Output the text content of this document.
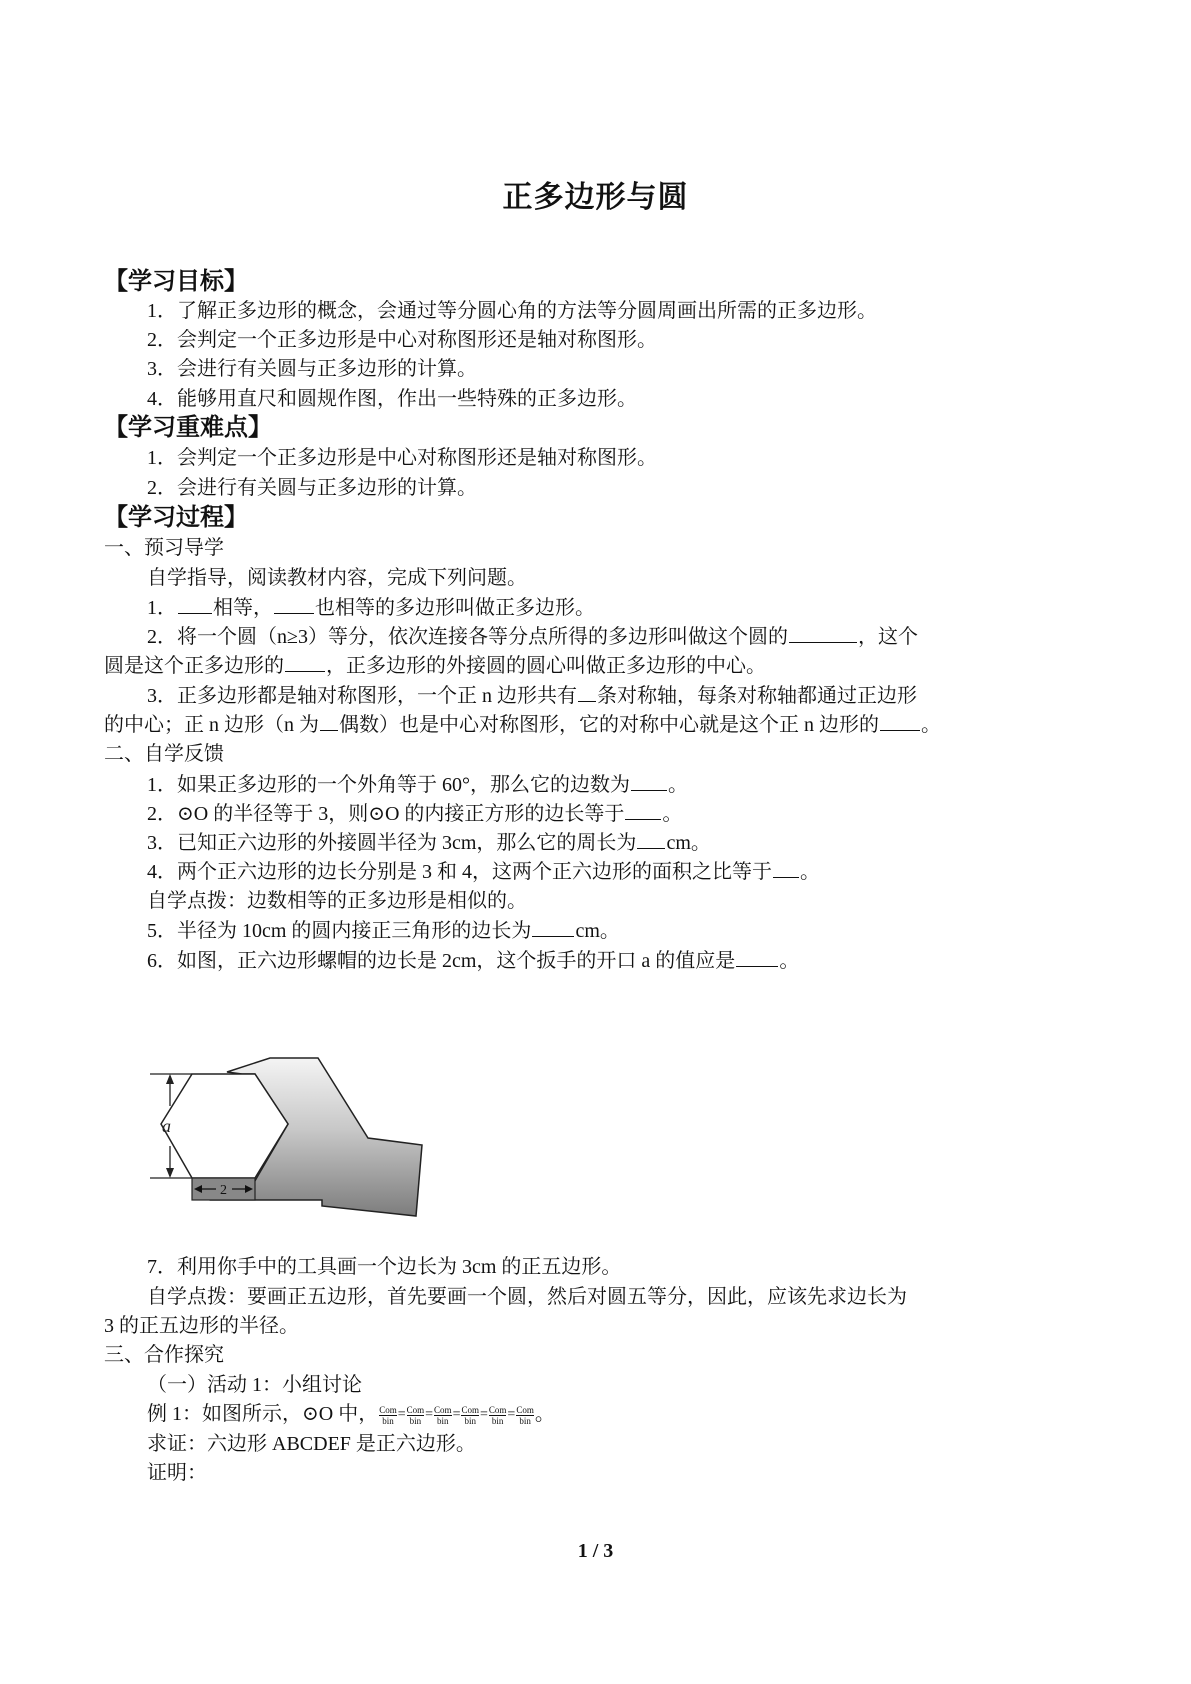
正多边形与圆
【学习目标】
1．了解正多边形的概念，会通过等分圆心角的方法等分圆周画出所需的正多边形。
2．会判定一个正多边形是中心对称图形还是轴对称图形。
3．会进行有关圆与正多边形的计算。
4．能够用直尺和圆规作图，作出一些特殊的正多边形。
【学习重难点】
1．会判定一个正多边形是中心对称图形还是轴对称图形。
2．会进行有关圆与正多边形的计算。
【学习过程】
一、预习导学
自学指导，阅读教材内容，完成下列问题。
1． 相等， 也相等的多边形叫做正多边形。
2．将一个圆（n≥3）等分，依次连接各等分点所得的多边形叫做这个圆的	，这个
圆是这个正多边形的 ，正多边形的外接圆的圆心叫做正多边形的中心。
3．正多边形都是轴对称图形，一个正 n 边形共有 条对称轴，每条对称轴都通过正边形
的中心；正 n 边形（n 为 偶数）也是中心对称图形，它的对称中心就是这个正 n 边形的 。
二、自学反馈
1．如果正多边形的一个外角等于 60°，那么它的边数为 。
2．⊙O 的半径等于 3，则⊙O 的内接正方形的边长等于 。
3．已知正六边形的外接圆半径为 3cm，那么它的周长为 cm。
4．两个正六边形的边长分别是 3 和 4，这两个正六边形的面积之比等于 。
自学点拨：边数相等的正多边形是相似的。
5．半径为 10cm 的圆内接正三角形的边长为 cm。
6．如图，正六边形螺帽的边长是 2cm，这个扳手的开口 a 的值应是 。
a
2
7．利用你手中的工具画一个边长为 3cm 的正五边形。
自学点拨：要画正五边形，首先要画一个圆，然后对圆五等分，因此，应该先求边长为
3 的正五边形的半径。
三、合作探究
（一）活动 1：小组讨论
例 1：如图所示，⊙O 中， $\frac{\text{Com}}{\text{bin}} = \frac{\text{Com}}{\text{bin}} = \frac{\text{Com}}{\text{bin}} = \frac{\text{Com}}{\text{bin}} = \frac{\text{Com}}{\text{bin}} = \frac{\text{Com}}{\text{bin}}$ 。
求证：六边形 ABCDEF 是正六边形。
证明：
1 / 3
